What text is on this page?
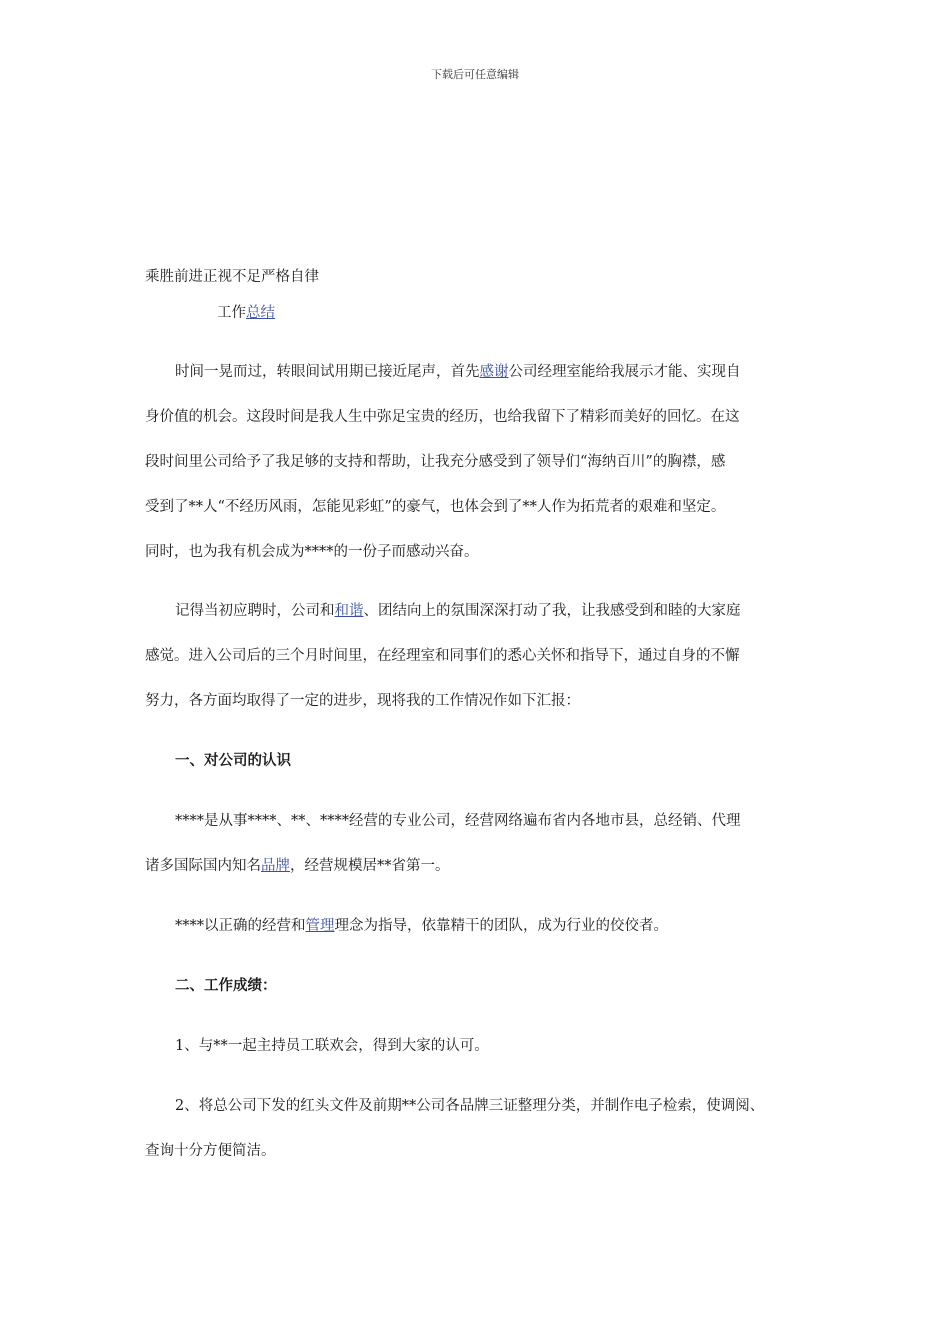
下载后可任意编辑
乘胜前进正视不足严格自律
工作总结
时间一晃而过，转眼间试用期已接近尾声，首先感谢公司经理室能给我展示才能、实现自
身价值的机会。这段时间是我人生中弥足宝贵的经历，也给我留下了精彩而美好的回忆。在这
段时间里公司给予了我足够的支持和帮助，让我充分感受到了领导们“海纳百川”的胸襟，感
受到了**人“不经历风雨，怎能见彩虹”的豪气，也体会到了**人作为拓荒者的艰难和坚定。
同时，也为我有机会成为****的一份子而感动兴奋。
记得当初应聘时，公司和和谐、团结向上的氛围深深打动了我，让我感受到和睦的大家庭
感觉。进入公司后的三个月时间里，在经理室和同事们的悉心关怀和指导下，通过自身的不懈
努力，各方面均取得了一定的进步，现将我的工作情况作如下汇报：
一、对公司的认识
****是从事****、**、****经营的专业公司，经营网络遍布省内各地市县，总经销、代理
诸多国际国内知名品牌，经营规模居**省第一。
****以正确的经营和管理理念为指导，依靠精干的团队，成为行业的佼佼者。
二、工作成绩：
1、与**一起主持员工联欢会，得到大家的认可。
2、将总公司下发的红头文件及前期**公司各品牌三证整理分类，并制作电子检索，使调阅、
查询十分方便简洁。
